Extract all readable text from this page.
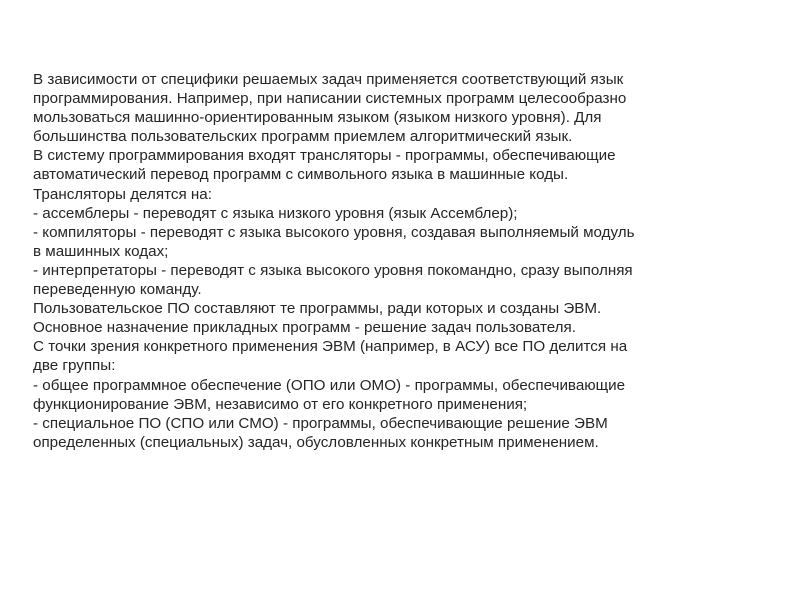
В зависимости от специфики решаемых задач применяется соответствующий язык
программирования. Например, при написании системных программ целесообразно
мользоваться машинно-ориентированным языком (языком низкого уровня). Для
большинства пользовательских программ приемлем алгоритмический язык.
В систему программирования входят трансляторы - программы, обеспечивающие
автоматический перевод программ с символьного языка в машинные коды.
Трансляторы делятся на:
- ассемблеры - переводят с языка низкого уровня (язык Ассемблер);
- компиляторы - переводят с языка высокого уровня, создавая выполняемый модуль
в машинных кодах;
- интерпретаторы - переводят с языка высокого уровня покомандно, сразу выполняя
переведенную команду.
Пользовательское ПО составляют те программы, ради которых и созданы ЭВМ.
Основное назначение прикладных программ - решение задач пользователя.
С точки зрения конкретного применения ЭВМ (например, в АСУ) все ПО делится на
две группы:
- общее программное обеспечение (ОПО или ОМО) - программы, обеспечивающие
функционирование ЭВМ, независимо от его конкретного применения;
- специальное ПО (СПО или СМО) - программы, обеспечивающие решение ЭВМ
определенных (специальных) задач, обусловленных конкретным применением.
